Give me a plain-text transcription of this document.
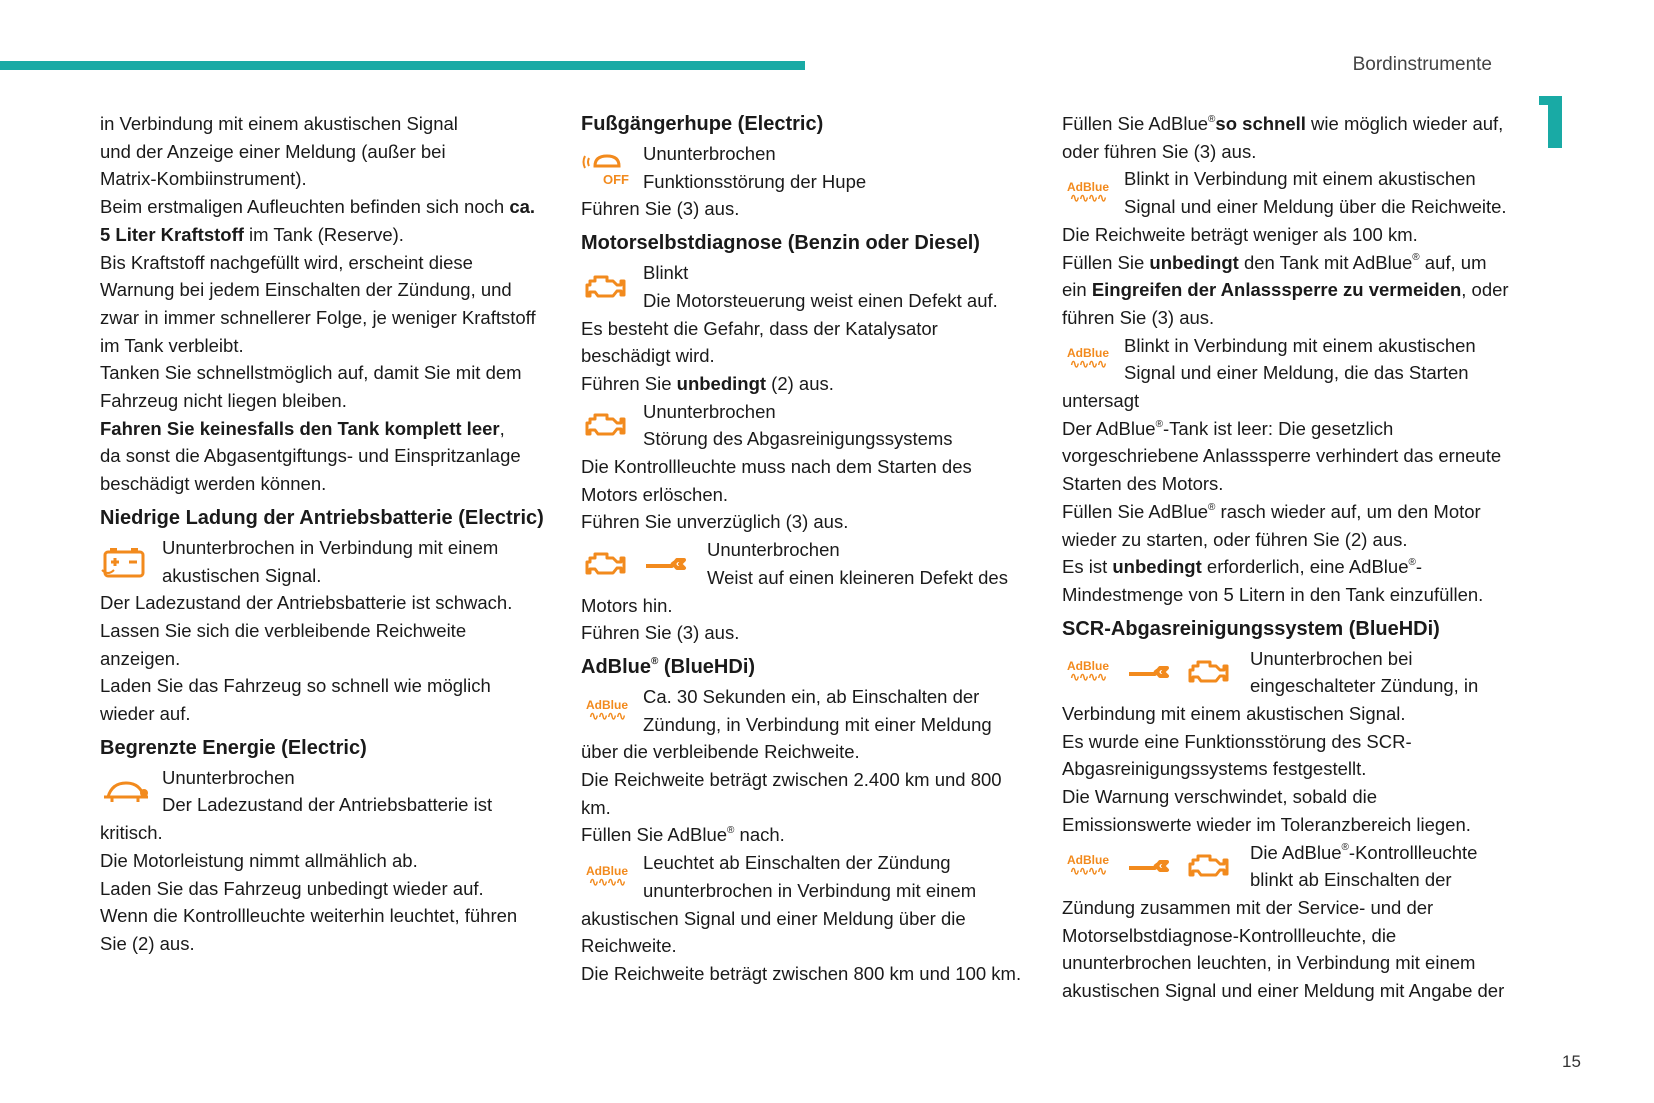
Bordinstrumente
15

in Verbindung mit einem akustischen Signal

und der Anzeige einer Meldung (außer bei

Matrix-Kombiinstrument).

Beim erstmaligen Aufleuchten befinden sich noch ca.

5 Liter Kraftstoff im Tank (Reserve).

Bis Kraftstoff nachgefüllt wird, erscheint diese

Warnung bei jedem Einschalten der Zündung, und

zwar in immer schnellerer Folge, je weniger Kraftstoff

im Tank verbleibt.

Tanken Sie schnellstmöglich auf, damit Sie mit dem

Fahrzeug nicht liegen bleiben.

Fahren Sie keinesfalls den Tank komplett leer,

da sonst die Abgasentgiftungs- und Einspritzanlage

beschädigt werden können.

Niedrige Ladung der Antriebsbatterie (Electric)

Ununterbrochen in Verbindung mit einem

akustischen Signal.

Der Ladezustand der Antriebsbatterie ist schwach.

Lassen Sie sich die verbleibende Reichweite

anzeigen.

Laden Sie das Fahrzeug so schnell wie möglich

wieder auf.

Begrenzte Energie (Electric)

Ununterbrochen

Der Ladezustand der Antriebsbatterie ist

kritisch.

Die Motorleistung nimmt allmählich ab.

Laden Sie das Fahrzeug unbedingt wieder auf.

Wenn die Kontrollleuchte weiterhin leuchtet, führen

Sie (2) aus.

Fußgängerhupe (Electric)
OFF

Ununterbrochen

Funktionsstörung der Hupe

Führen Sie (3) aus.

Motorselbstdiagnose (Benzin oder Diesel)

Blinkt

Die Motorsteuerung weist einen Defekt auf.

Es besteht die Gefahr, dass der Katalysator

beschädigt wird.

Führen Sie unbedingt (2) aus.

Ununterbrochen

Störung des Abgasreinigungssystems

Die Kontrollleuchte muss nach dem Starten des

Motors erlöschen.

Führen Sie unverzüglich (3) aus.

Ununterbrochen

Weist auf einen kleineren Defekt des

Motors hin.

Führen Sie (3) aus.

AdBlue® (BlueHDi)
AdBlue
∿∿∿∿

Ca. 30 Sekunden ein, ab Einschalten der

Zündung, in Verbindung mit einer Meldung

über die verbleibende Reichweite.

Die Reichweite beträgt zwischen 2.400 km und 800

km.

Füllen Sie AdBlue® nach.

AdBlue
∿∿∿∿

Leuchtet ab Einschalten der Zündung

ununterbrochen in Verbindung mit einem

akustischen Signal und einer Meldung über die

Reichweite.

Die Reichweite beträgt zwischen 800 km und 100 km.

Füllen Sie AdBlue®so schnell wie möglich wieder auf,

oder führen Sie (3) aus.

AdBlue
∿∿∿∿

Blinkt in Verbindung mit einem akustischen

Signal und einer Meldung über die Reichweite.

Die Reichweite beträgt weniger als 100 km.

Füllen Sie unbedingt den Tank mit AdBlue® auf, um

ein Eingreifen der Anlasssperre zu vermeiden, oder

führen Sie (3) aus.

AdBlue
∿∿∿∿

Blinkt in Verbindung mit einem akustischen

Signal und einer Meldung, die das Starten

untersagt

Der AdBlue®-Tank ist leer: Die gesetzlich

vorgeschriebene Anlasssperre verhindert das erneute

Starten des Motors.

Füllen Sie AdBlue® rasch wieder auf, um den Motor

wieder zu starten, oder führen Sie (2) aus.

Es ist unbedingt erforderlich, eine AdBlue®-

Mindestmenge von 5 Litern in den Tank einzufüllen.

SCR-Abgasreinigungssystem (BlueHDi)
AdBlue
∿∿∿∿

Ununterbrochen bei

eingeschalteter Zündung, in

Verbindung mit einem akustischen Signal.

Es wurde eine Funktionsstörung des SCR-

Abgasreinigungssystems festgestellt.

Die Warnung verschwindet, sobald die

Emissionswerte wieder im Toleranzbereich liegen.

AdBlue
∿∿∿∿

Die AdBlue®-Kontrollleuchte

blinkt ab Einschalten der

Zündung zusammen mit der Service- und der

Motorselbstdiagnose-Kontrollleuchte, die

ununterbrochen leuchten, in Verbindung mit einem

akustischen Signal und einer Meldung mit Angabe der
